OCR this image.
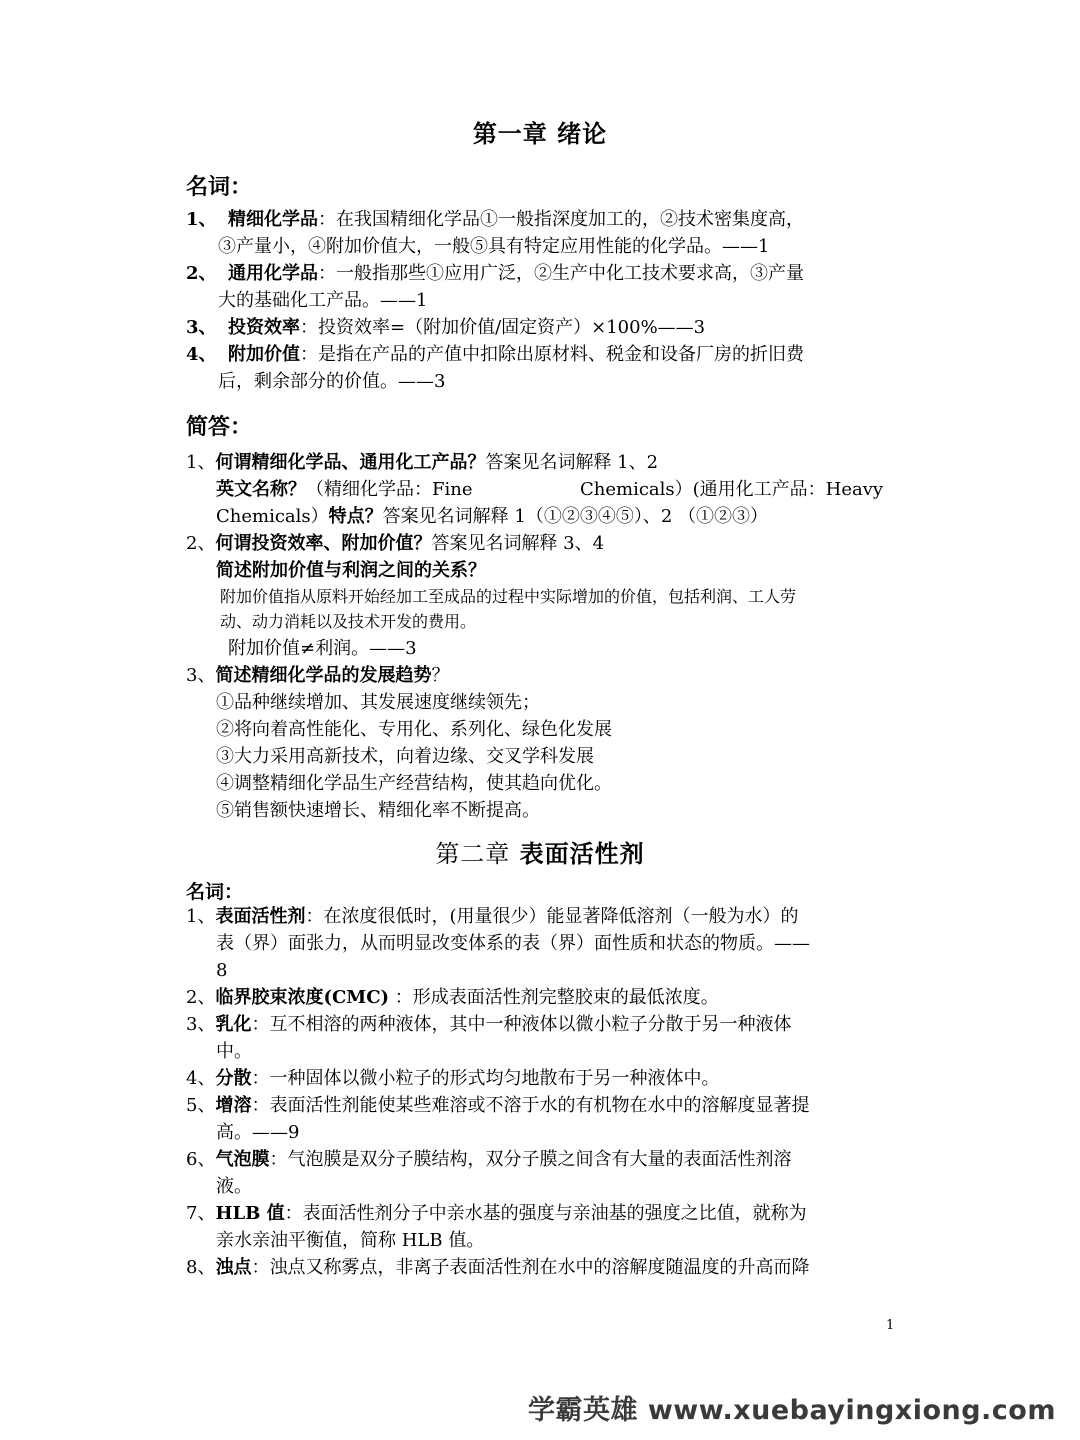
第一章 绪论
名词：
1、 精细化学品：在我国精细化学品①一般指深度加工的，②技术密集度高，
③产量小，④附加价值大，一般⑤具有特定应用性能的化学品。——1
2、 通用化学品：一般指那些①应用广泛，②生产中化工技术要求高，③产量
大的基础化工产品。——1
3、 投资效率：投资效率=（附加价值/固定资产）×100%——3
4、 附加价值：是指在产品的产值中扣除出原材料、税金和设备厂房的折旧费
后，剩余部分的价值。——3
简答：
1、何谓精细化学品、通用化工产品？答案见名词解释 1、2
英文名称？（精细化学品：Fine	Chemicals）(通用化工产品：Heavy
Chemicals）特点？答案见名词解释 1（①②③④⑤）、2 （①②③）
2、何谓投资效率、附加价值？答案见名词解释 3、4
简述附加价值与利润之间的关系？
附加价值指从原料开始经加工至成品的过程中实际增加的价值，包括利润、工人劳
动、动力消耗以及技术开发的费用。
附加价值≠利润。——3
3、简述精细化学品的发展趋势？
①品种继续增加、其发展速度继续领先；
②将向着高性能化、专用化、系列化、绿色化发展
③大力采用高新技术，向着边缘、交叉学科发展
④调整精细化学品生产经营结构，使其趋向优化。
⑤销售额快速增长、精细化率不断提高。
第二章 表面活性剂
名词：
1、表面活性剂：在浓度很低时，(用量很少）能显著降低溶剂（一般为水）的
表（界）面张力，从而明显改变体系的表（界）面性质和状态的物质。——
8
2、临界胶束浓度(CMC) ：形成表面活性剂完整胶束的最低浓度。
3、乳化：互不相溶的两种液体，其中一种液体以微小粒子分散于另一种液体
中。
4、分散：一种固体以微小粒子的形式均匀地散布于另一种液体中。
5、增溶：表面活性剂能使某些难溶或不溶于水的有机物在水中的溶解度显著提
高。——9
6、气泡膜：气泡膜是双分子膜结构，双分子膜之间含有大量的表面活性剂溶
液。
7、HLB 值：表面活性剂分子中亲水基的强度与亲油基的强度之比值，就称为
亲水亲油平衡值，简称 HLB 值。
8、浊点：浊点又称雾点，非离子表面活性剂在水中的溶解度随温度的升高而降
1
学霸英雄 www.xuebayingxiong.com
